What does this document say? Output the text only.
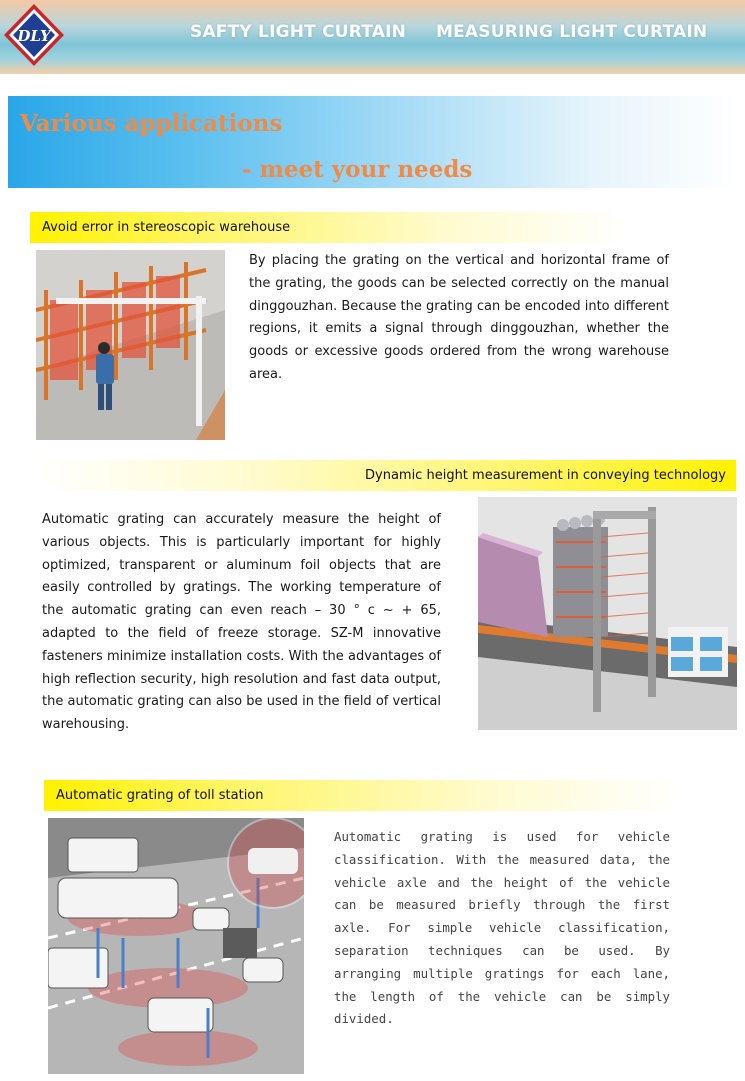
DLY	SAFTY LIGHT CURTAIN MEASURING LIGHT CURTAIN
Various applications
- meet your needs
Avoid error in stereoscopic warehouse

By placing the grating on the vertical and horizontal frame of the grating, the goods can be selected correctly on the manual dinggouzhan. Because the grating can be encoded into different regions, it emits a signal through dinggouzhan, whether the goods or excessive goods ordered from the wrong warehouse area.

Dynamic height measurement in conveying technology

Automatic grating can accurately measure the height of various objects. This is particularly important for highly optimized, transparent or aluminum foil objects that are easily controlled by gratings. The working temperature of the automatic grating can even reach – 30 ° c ~ + 65, adapted to the field of freeze storage. SZ-M innovative fasteners minimize installation costs. With the advantages of high reflection security, high resolution and fast data output, the automatic grating can also be used in the field of vertical warehousing.

Automatic grating of toll station

Automatic grating is used for vehicle classification. With the measured data, the vehicle axle and the height of the vehicle can be measured briefly through the first axle. For simple vehicle classification, separation techniques can be used. By arranging multiple gratings for each lane, the length of the vehicle can be simply divided.
